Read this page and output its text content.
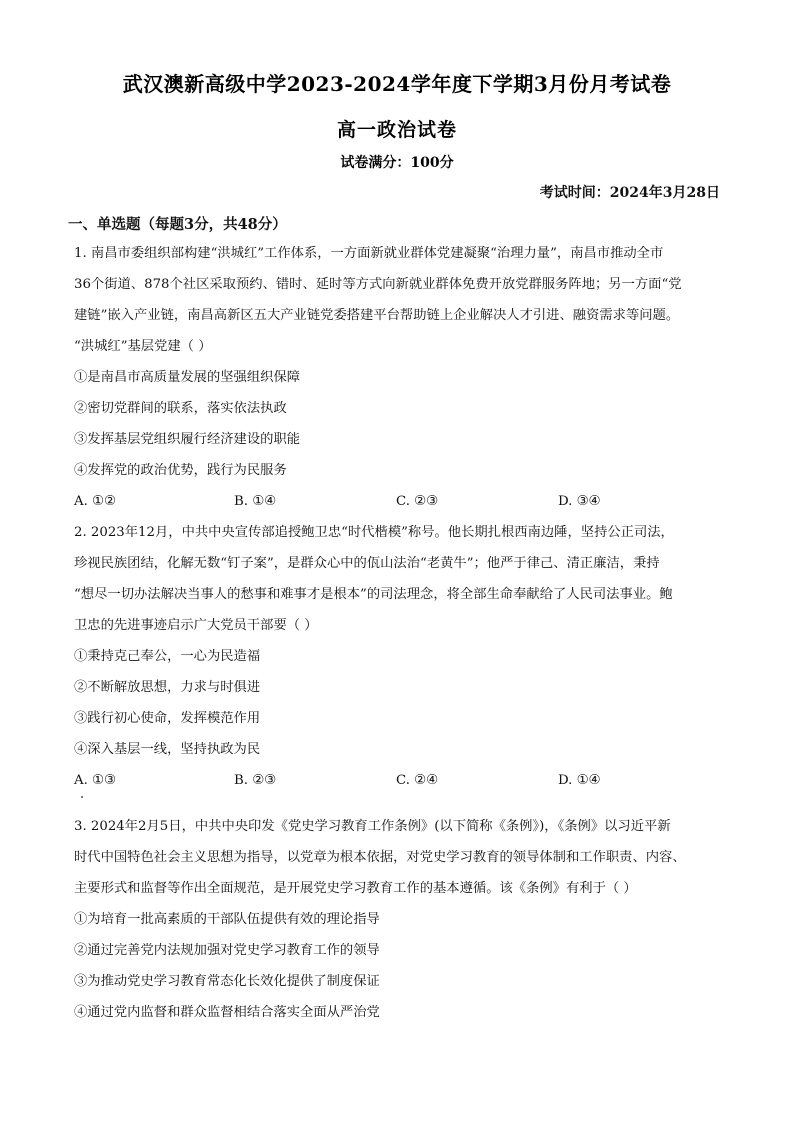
武汉澳新高级中学2023-2024学年度下学期3月份月考试卷
高一政治试卷
试卷满分：100分
考试时间：2024年3月28日
一、单选题（每题3分，共48分）
1. 南昌市委组织部构建“洪城红”工作体系，一方面新就业群体党建凝聚“治理力量”，南昌市推动全市
36个街道、878个社区采取预约、错时、延时等方式向新就业群体免费开放党群服务阵地；另一方面“党
建链”嵌入产业链，南昌高新区五大产业链党委搭建平台帮助链上企业解决人才引进、融资需求等问题。
“洪城红”基层党建（ ）
①是南昌市高质量发展的坚强组织保障
②密切党群间的联系，落实依法执政
③发挥基层党组织履行经济建设的职能
④发挥党的政治优势，践行为民服务
A. ①②	B. ①④	C. ②③	D. ③④
2. 2023年12月，中共中央宣传部追授鲍卫忠“时代楷模”称号。他长期扎根西南边陲，坚持公正司法，
珍视民族团结，化解无数“钉子案”，是群众心中的佤山法治“老黄牛”；他严于律己、清正廉洁，秉持
“想尽一切办法解决当事人的愁事和难事才是根本”的司法理念，将全部生命奉献给了人民司法事业。鲍
卫忠的先进事迹启示广大党员干部要（ ）
①秉持克己奉公，一心为民造福
②不断解放思想，力求与时俱进
③践行初心使命，发挥模范作用
④深入基层一线，坚持执政为民
A. ①③	B. ②③	C. ②④	D. ①④
3. 2024年2月5日，中共中央印发《党史学习教育工作条例》(以下简称《条例》)，《条例》以习近平新
时代中国特色社会主义思想为指导，以党章为根本依据，对党史学习教育的领导体制和工作职责、内容、
主要形式和监督等作出全面规范，是开展党史学习教育工作的基本遵循。该《条例》有利于（ ）
①为培育一批高素质的干部队伍提供有效的理论指导
②通过完善党内法规加强对党史学习教育工作的领导
③为推动党史学习教育常态化长效化提供了制度保证
④通过党内监督和群众监督相结合落实全面从严治党
